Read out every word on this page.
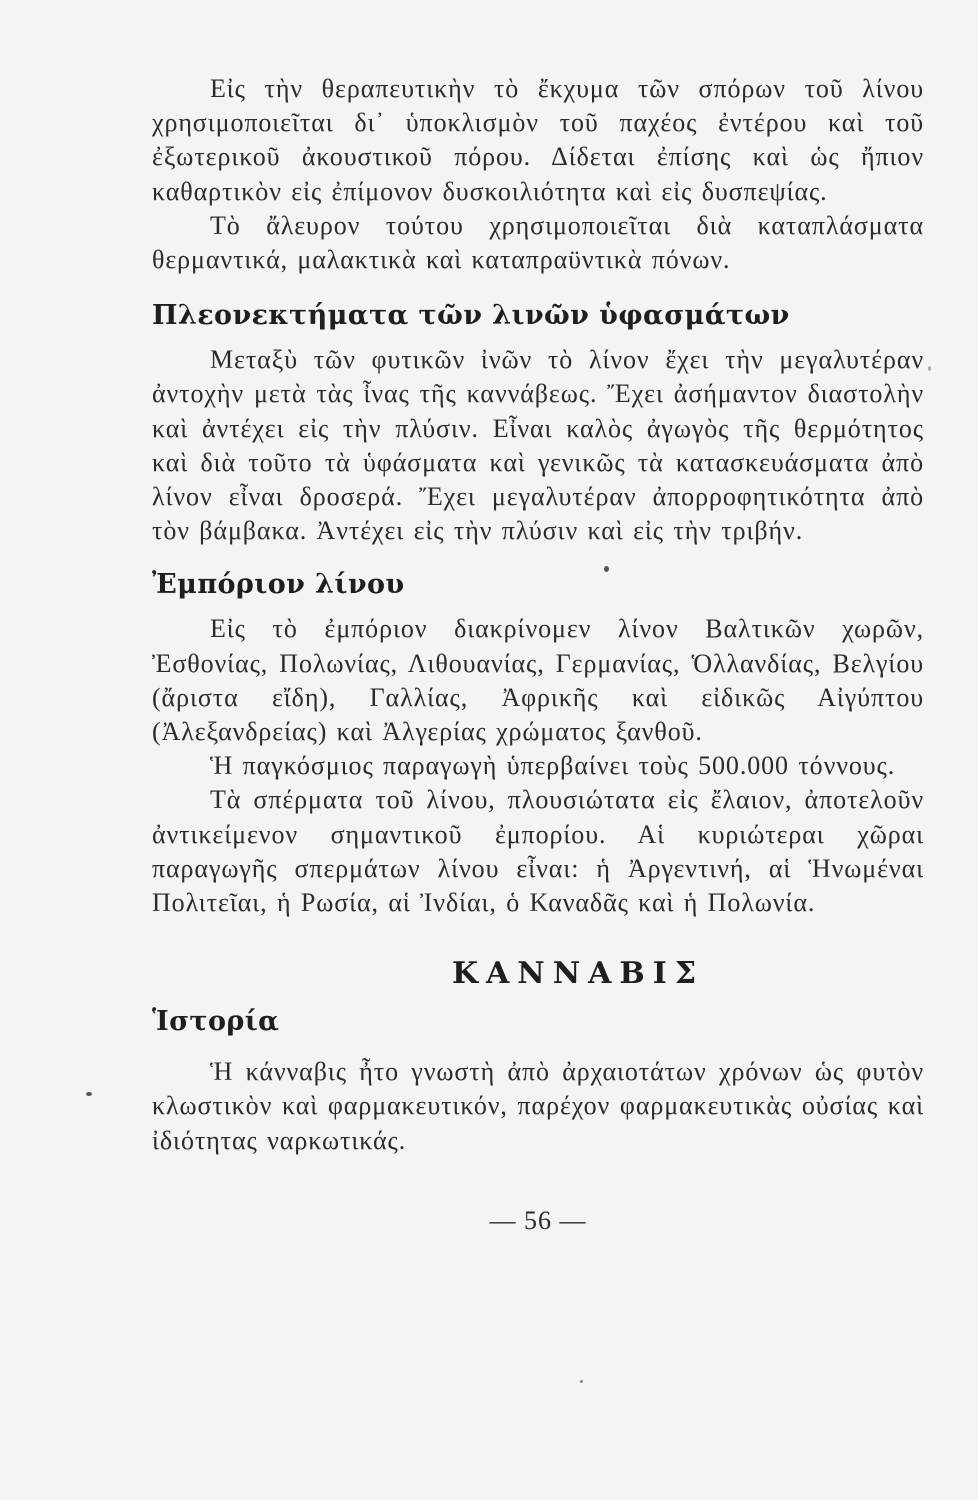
Εἰς τὴν θεραπευτικὴν τὸ ἔκχυμα τῶν σπόρων τοῦ λίνου χρησιμοποιεῖται δι᾽ ὑποκλισμὸν τοῦ παχέος ἐντέρου καὶ τοῦ ἐξωτερικοῦ ἀκουστικοῦ πόρου. Δίδεται ἐπίσης καὶ ὡς ἤπιον καθαρτικὸν εἰς ἐπίμονον δυσκοιλιότητα καὶ εἰς δυσπεψίας.

Τὸ ἄλευρον τούτου χρησιμοποιεῖται διὰ καταπλάσματα θερμαντικά, μαλακτικὰ καὶ καταπραϋντικὰ πόνων.

Πλεονεκτήματα τῶν λινῶν ὑφασμάτων

Μεταξὺ τῶν φυτικῶν ἰνῶν τὸ λίνον ἔχει τὴν μεγαλυτέραν ἀντοχὴν μετὰ τὰς ἶνας τῆς καννάβεως. Ἔχει ἀσήμαντον διαστολὴν καὶ ἀντέχει εἰς τὴν πλύσιν. Εἶναι καλὸς ἀγωγὸς τῆς θερμότητος καὶ διὰ τοῦτο τὰ ὑφάσματα καὶ γενικῶς τὰ κατασκευάσματα ἀπὸ λίνον εἶναι δροσερά. Ἔχει μεγαλυτέραν ἀπορροφητικότητα ἀπὸ τὸν βάμβακα. Ἀντέχει εἰς τὴν πλύσιν καὶ εἰς τὴν τριβήν.

Ἐμπόριον λίνου

Εἰς τὸ ἐμπόριον διακρίνομεν λίνον Βαλτικῶν χωρῶν, Ἐσθονίας, Πολωνίας, Λιθουανίας, Γερμανίας, Ὁλλανδίας, Βελγίου (ἄριστα εἴδη), Γαλλίας, Ἀφρικῆς καὶ εἰδικῶς Αἰγύπτου (Ἀλεξανδρείας) καὶ Ἀλγερίας χρώματος ξανθοῦ.

Ἡ παγκόσμιος παραγωγὴ ὑπερβαίνει τοὺς 500.000 τόννους.

Τὰ σπέρματα τοῦ λίνου, πλουσιώτατα εἰς ἔλαιον, ἀποτελοῦν ἀντικείμενον σημαντικοῦ ἐμπορίου. Αἱ κυριώτεραι χῶραι παραγωγῆς σπερμάτων λίνου εἶναι: ἡ Ἀργεντινή, αἱ Ἡνωμέναι Πολιτεῖαι, ἡ Ρωσία, αἱ Ἰνδίαι, ὁ Καναδᾶς καὶ ἡ Πολωνία.

ΚΑΝΝΑΒΙΣ
Ἱστορία

Ἡ κάνναβις ἦτο γνωστὴ ἀπὸ ἀρχαιοτάτων χρόνων ὡς φυτὸν κλωστικὸν καὶ φαρμακευτικόν, παρέχον φαρμακευτικὰς οὐσίας καὶ ἰδιότητας ναρκωτικάς.

— 56 —
